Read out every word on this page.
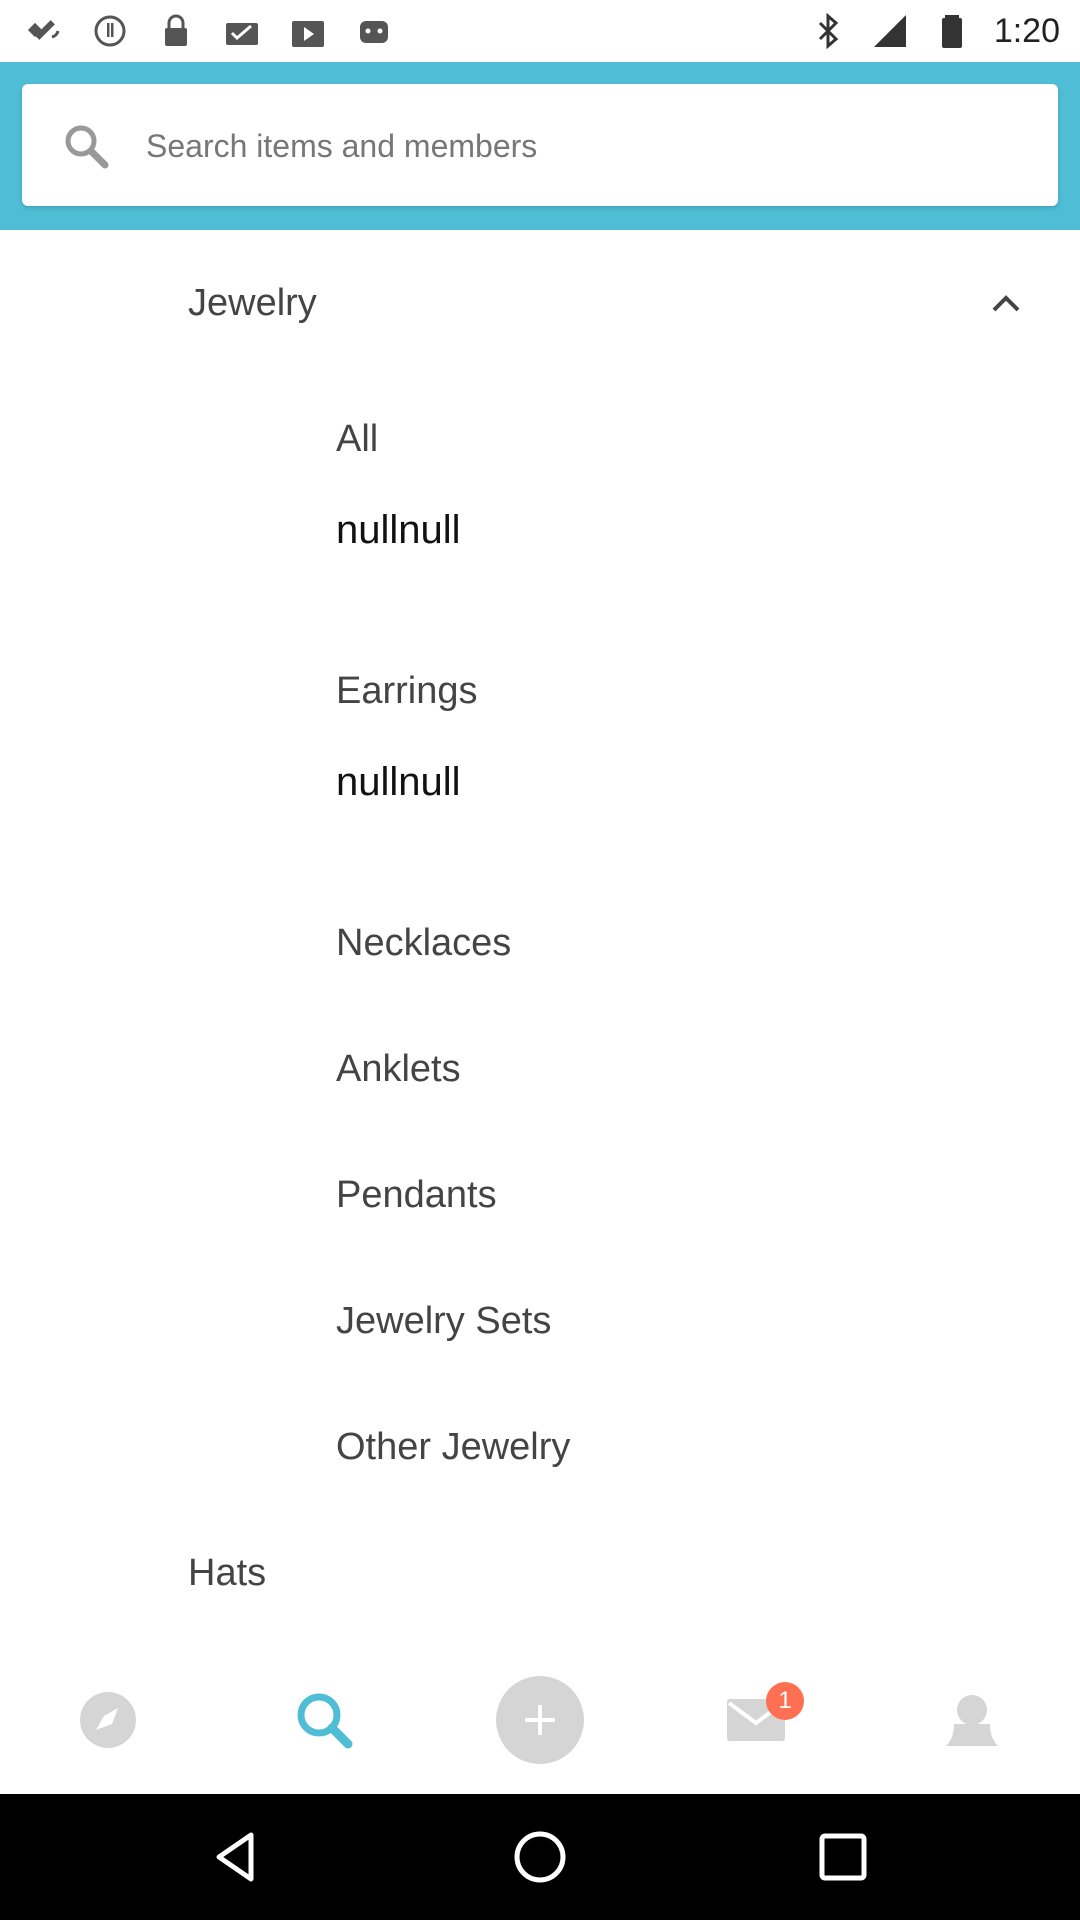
1:20
Search items and members
Jewelry
All
nullnull
Earrings
nullnull
Necklaces
Anklets
Pendants
Jewelry Sets
Other Jewelry
Hats
1
